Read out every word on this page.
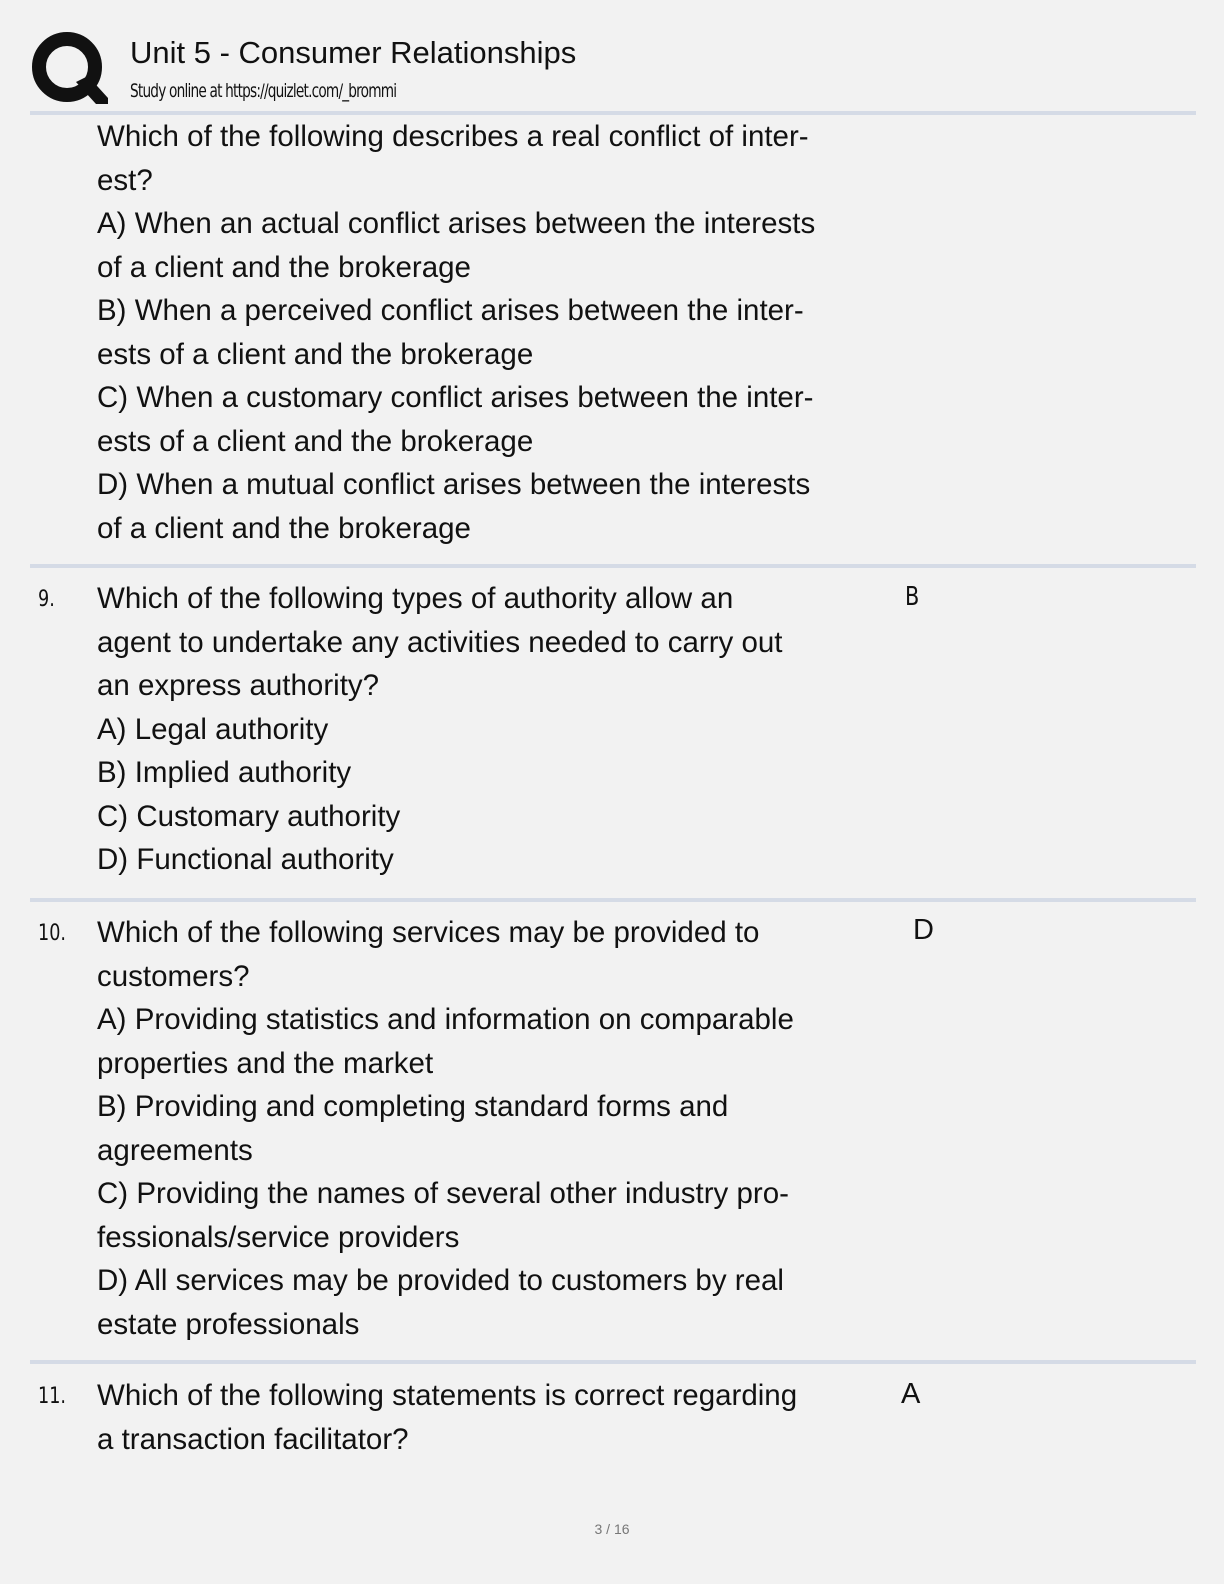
Unit 5 - Consumer Relationships
Study online at https://quizlet.com/_brommi
Which of the following describes a real conflict of inter-
est?
A) When an actual conflict arises between the interests
of a client and the brokerage
B) When a perceived conflict arises between the inter-
ests of a client and the brokerage
C) When a customary conflict arises between the inter-
ests of a client and the brokerage
D) When a mutual conflict arises between the interests
of a client and the brokerage
9. Which of the following types of authority allow an
agent to undertake any activities needed to carry out
an express authority?
A) Legal authority
B) Implied authority
C) Customary authority
D) Functional authority
B
10. Which of the following services may be provided to
customers?
A) Providing statistics and information on comparable
properties and the market
B) Providing and completing standard forms and
agreements
C) Providing the names of several other industry pro-
fessionals/service providers
D) All services may be provided to customers by real
estate professionals
D
11. Which of the following statements is correct regarding
a transaction facilitator?
A
3 / 16
